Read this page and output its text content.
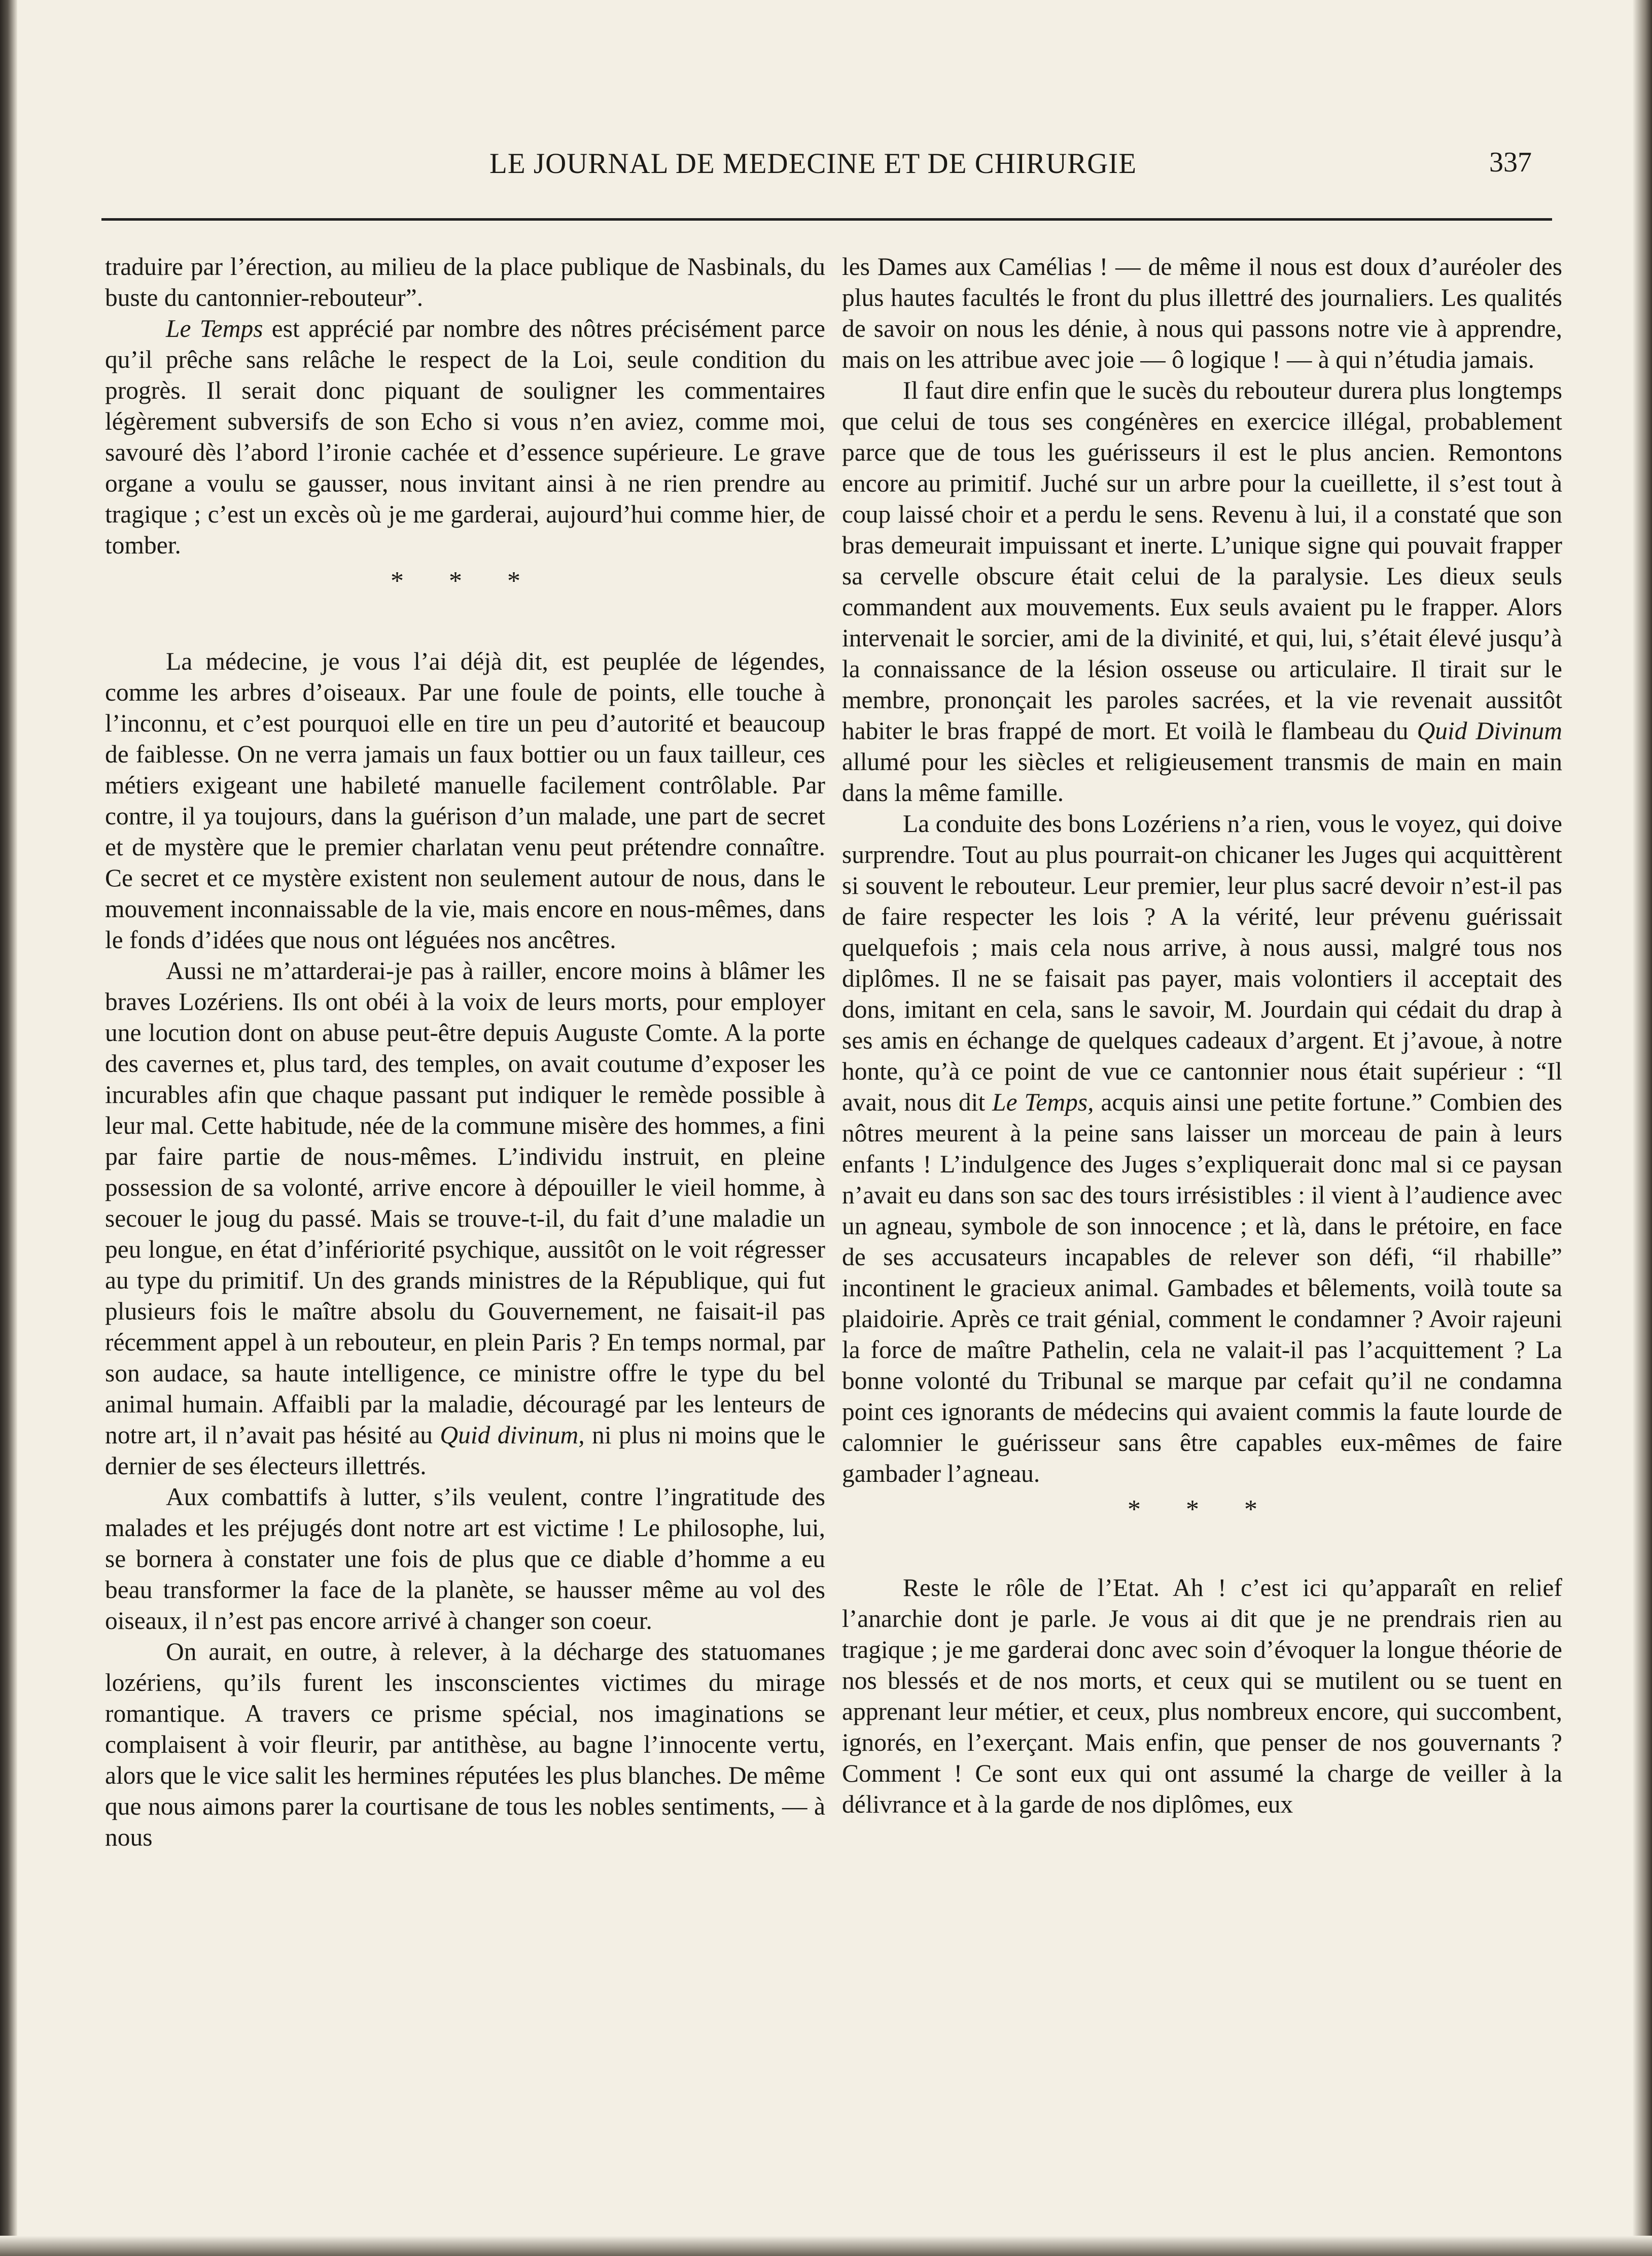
LE JOURNAL DE MEDECINE ET DE CHIRURGIE	337

traduire par l’érection, au milieu de la place publique de Nasbinals, du buste du cantonnier-rebouteur”.

Le Temps est apprécié par nombre des nôtres précisément parce qu’il prêche sans relâche le respect de la Loi, seule condition du progrès. Il serait donc piquant de souligner les commentaires légèrement subversifs de son Echo si vous n’en aviez, comme moi, savouré dès l’abord l’ironie cachée et d’essence supérieure. Le grave organe a voulu se gausser, nous invitant ainsi à ne rien prendre au tragique ; c’est un excès où je me garderai, aujourd’hui comme hier, de tomber.

* * *

La médecine, je vous l’ai déjà dit, est peuplée de légendes, comme les arbres d’oiseaux. Par une foule de points, elle touche à l’inconnu, et c’est pourquoi elle en tire un peu d’autorité et beaucoup de faiblesse. On ne verra jamais un faux bottier ou un faux tailleur, ces métiers exigeant une habileté manuelle facilement contrôlable. Par contre, il ya toujours, dans la guérison d’un malade, une part de secret et de mystère que le premier charlatan venu peut prétendre connaître. Ce secret et ce mystère existent non seulement autour de nous, dans le mouvement inconnaissable de la vie, mais encore en nous-mêmes, dans le fonds d’idées que nous ont léguées nos ancêtres.

Aussi ne m’attarderai-je pas à railler, encore moins à blâmer les braves Lozériens. Ils ont obéi à la voix de leurs morts, pour employer une locution dont on abuse peut-être depuis Auguste Comte. A la porte des cavernes et, plus tard, des temples, on avait coutume d’exposer les incurables afin que chaque passant put indiquer le remède possible à leur mal. Cette habitude, née de la commune misère des hommes, a fini par faire partie de nous-mêmes. L’individu instruit, en pleine possession de sa volonté, arrive encore à dépouiller le vieil homme, à secouer le joug du passé. Mais se trouve-t-il, du fait d’une maladie un peu longue, en état d’infériorité psychique, aussitôt on le voit régresser au type du primitif. Un des grands ministres de la République, qui fut plusieurs fois le maître absolu du Gouvernement, ne faisait-il pas récemment appel à un rebouteur, en plein Paris ? En temps normal, par son audace, sa haute intelligence, ce ministre offre le type du bel animal humain. Affaibli par la maladie, découragé par les lenteurs de notre art, il n’avait pas hésité au Quid divinum, ni plus ni moins que le dernier de ses électeurs illettrés.

Aux combattifs à lutter, s’ils veulent, contre l’ingratitude des malades et les préjugés dont notre art est victime ! Le philosophe, lui, se bornera à constater une fois de plus que ce diable d’homme a eu beau transformer la face de la planète, se hausser même au vol des oiseaux, il n’est pas encore arrivé à changer son coeur.

On aurait, en outre, à relever, à la décharge des statuomanes lozériens, qu’ils furent les insconscientes victimes du mirage romantique. A travers ce prisme spécial, nos imaginations se complaisent à voir fleurir, par antithèse, au bagne l’innocente vertu, alors que le vice salit les hermines réputées les plus blanches. De même que nous aimons parer la courtisane de tous les nobles sentiments, — à nous

les Dames aux Camélias ! — de même il nous est doux d’auréoler des plus hautes facultés le front du plus illettré des journaliers. Les qualités de savoir on nous les dénie, à nous qui passons notre vie à apprendre, mais on les attribue avec joie — ô logique ! — à qui n’étudia jamais.

Il faut dire enfin que le sucès du rebouteur durera plus longtemps que celui de tous ses congénères en exercice illégal, probablement parce que de tous les guérisseurs il est le plus ancien. Remontons encore au primitif. Juché sur un arbre pour la cueillette, il s’est tout à coup laissé choir et a perdu le sens. Revenu à lui, il a constaté que son bras demeurait impuissant et inerte. L’unique signe qui pouvait frapper sa cervelle obscure était celui de la paralysie. Les dieux seuls commandent aux mouvements. Eux seuls avaient pu le frapper. Alors intervenait le sorcier, ami de la divinité, et qui, lui, s’était élevé jusqu’à la connaissance de la lésion osseuse ou articulaire. Il tirait sur le membre, prononçait les paroles sacrées, et la vie revenait aussitôt habiter le bras frappé de mort. Et voilà le flambeau du Quid Divinum allumé pour les siècles et religieusement transmis de main en main dans la même famille.

La conduite des bons Lozériens n’a rien, vous le voyez, qui doive surprendre. Tout au plus pourrait-on chicaner les Juges qui acquittèrent si souvent le rebouteur. Leur premier, leur plus sacré devoir n’est-il pas de faire respecter les lois ? A la vérité, leur prévenu guérissait quelquefois ; mais cela nous arrive, à nous aussi, malgré tous nos diplômes. Il ne se faisait pas payer, mais volontiers il acceptait des dons, imitant en cela, sans le savoir, M. Jourdain qui cédait du drap à ses amis en échange de quelques cadeaux d’argent. Et j’avoue, à notre honte, qu’à ce point de vue ce cantonnier nous était supérieur : “Il avait, nous dit Le Temps, acquis ainsi une petite fortune.” Combien des nôtres meurent à la peine sans laisser un morceau de pain à leurs enfants ! L’indulgence des Juges s’expliquerait donc mal si ce paysan n’avait eu dans son sac des tours irrésistibles : il vient à l’audience avec un agneau, symbole de son innocence ; et là, dans le prétoire, en face de ses accusateurs incapables de relever son défi, “il rhabille” incontinent le gracieux animal. Gambades et bêlements, voilà toute sa plaidoirie. Après ce trait génial, comment le condamner ? Avoir rajeuni la force de maître Pathelin, cela ne valait-il pas l’acquittement ? La bonne volonté du Tribunal se marque par cefait qu’il ne condamna point ces ignorants de médecins qui avaient commis la faute lourde de calomnier le guérisseur sans être capables eux-mêmes de faire gambader l’agneau.

* * *

Reste le rôle de l’Etat. Ah ! c’est ici qu’apparaît en relief l’anarchie dont je parle. Je vous ai dit que je ne prendrais rien au tragique ; je me garderai donc avec soin d’évoquer la longue théorie de nos blessés et de nos morts, et ceux qui se mutilent ou se tuent en apprenant leur métier, et ceux, plus nombreux encore, qui succombent, ignorés, en l’exerçant. Mais enfin, que penser de nos gouvernants ? Comment ! Ce sont eux qui ont assumé la charge de veiller à la délivrance et à la garde de nos diplômes, eux
